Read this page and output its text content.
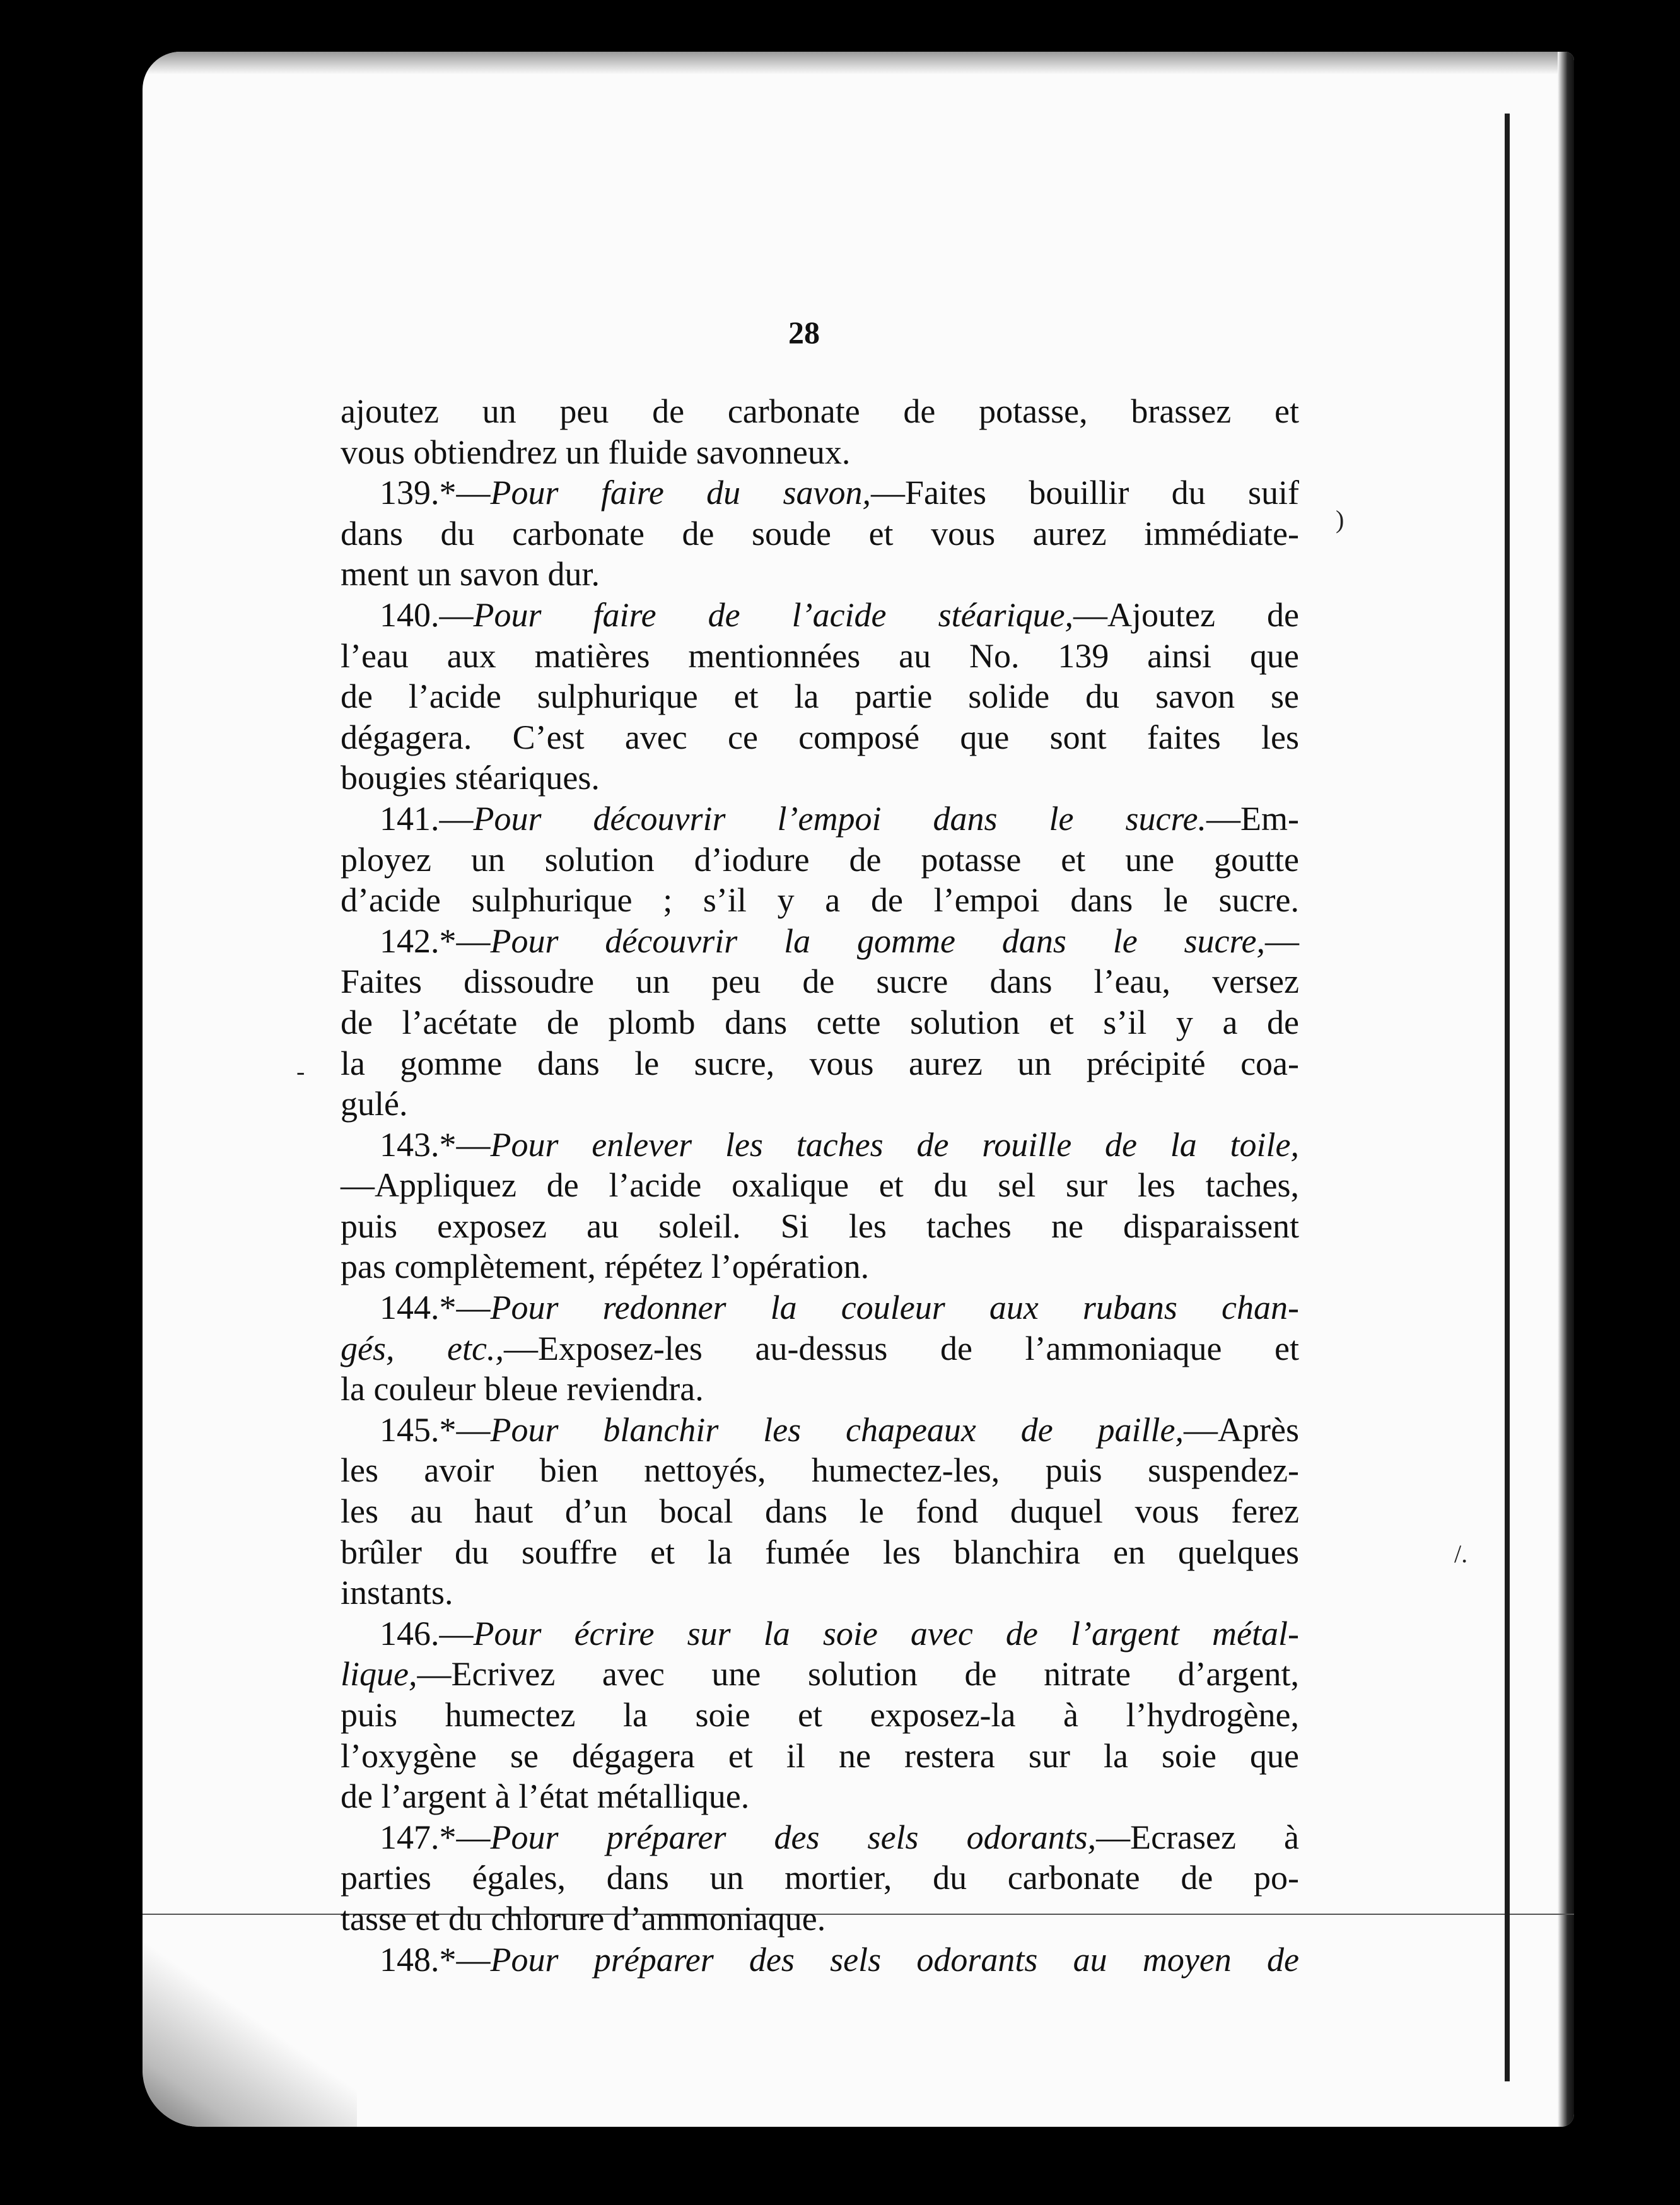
28
ajoutez un peu de carbonate de potasse, brassez et
vous obtiendrez un fluide savonneux.
139.*—Pour faire du savon,—Faites bouillir du suif
dans du carbonate de soude et vous aurez immédiate-
ment un savon dur.
140.—Pour faire de l’acide stéarique,—Ajoutez de
l’eau aux matières mentionnées au No. 139 ainsi que
de l’acide sulphurique et la partie solide du savon se
dégagera. C’est avec ce composé que sont faites les
bougies stéariques.
141.—Pour découvrir l’empoi dans le sucre.—Em-
ployez un solution d’iodure de potasse et une goutte
d’acide sulphurique ; s’il y a de l’empoi dans le sucre.
142.*—Pour découvrir la gomme dans le sucre,—
Faites dissoudre un peu de sucre dans l’eau, versez
de l’acétate de plomb dans cette solution et s’il y a de
la gomme dans le sucre, vous aurez un précipité coa-
gulé.
143.*—Pour enlever les taches de rouille de la toile,
—Appliquez de l’acide oxalique et du sel sur les taches,
puis exposez au soleil. Si les taches ne disparaissent
pas complètement, répétez l’opération.
144.*—Pour redonner la couleur aux rubans chan-
gés, etc.,—Exposez-les au-dessus de l’ammoniaque et
la couleur bleue reviendra.
145.*—Pour blanchir les chapeaux de paille,—Après
les avoir bien nettoyés, humectez-les, puis suspendez-
les au haut d’un bocal dans le fond duquel vous ferez
brûler du souffre et la fumée les blanchira en quelques
instants.
146.—Pour écrire sur la soie avec de l’argent métal-
lique,—Ecrivez avec une solution de nitrate d’argent,
puis humectez la soie et exposez-la à l’hydrogène,
l’oxygène se dégagera et il ne restera sur la soie que
de l’argent à l’état métallique.
147.*—Pour préparer des sels odorants,—Ecrasez à
parties égales, dans un mortier, du carbonate de po-
tasse et du chlorure d’ammoniaque.
148.*—Pour préparer des sels odorants au moyen de
)
/.
-
